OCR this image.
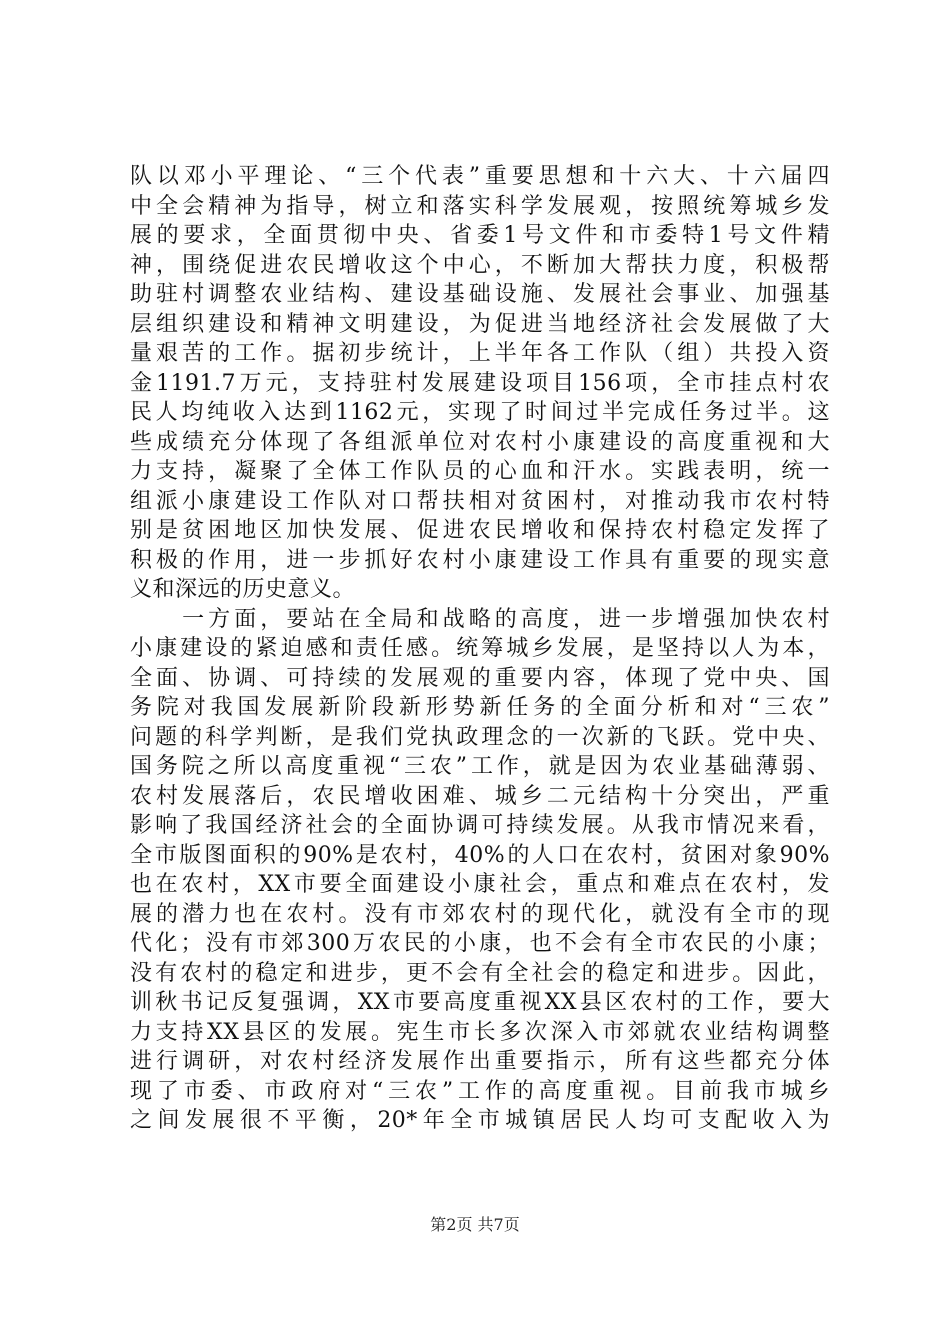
队以邓小平理论、“三个代表”重要思想和十六大、十六届四
中全会精神为指导，树立和落实科学发展观，按照统筹城乡发
展的要求，全面贯彻中央、省委1号文件和市委特1号文件精
神，围绕促进农民增收这个中心，不断加大帮扶力度，积极帮
助驻村调整农业结构、建设基础设施、发展社会事业、加强基
层组织建设和精神文明建设，为促进当地经济社会发展做了大
量艰苦的工作。据初步统计，上半年各工作队（组）共投入资
金1191.7万元，支持驻村发展建设项目156项，全市挂点村农
民人均纯收入达到1162元，实现了时间过半完成任务过半。这
些成绩充分体现了各组派单位对农村小康建设的高度重视和大
力支持，凝聚了全体工作队员的心血和汗水。实践表明，统一
组派小康建设工作队对口帮扶相对贫困村，对推动我市农村特
别是贫困地区加快发展、促进农民增收和保持农村稳定发挥了
积极的作用，进一步抓好农村小康建设工作具有重要的现实意
义和深远的历史意义。
　　一方面，要站在全局和战略的高度，进一步增强加快农村
小康建设的紧迫感和责任感。统筹城乡发展，是坚持以人为本，
全面、协调、可持续的发展观的重要内容，体现了党中央、国
务院对我国发展新阶段新形势新任务的全面分析和对“三农”
问题的科学判断，是我们党执政理念的一次新的飞跃。党中央、
国务院之所以高度重视“三农”工作，就是因为农业基础薄弱、
农村发展落后，农民增收困难、城乡二元结构十分突出，严重
影响了我国经济社会的全面协调可持续发展。从我市情况来看，
全市版图面积的90%是农村，40%的人口在农村，贫困对象90%
也在农村，XX市要全面建设小康社会，重点和难点在农村，发
展的潜力也在农村。没有市郊农村的现代化，就没有全市的现
代化；没有市郊300万农民的小康，也不会有全市农民的小康；
没有农村的稳定和进步，更不会有全社会的稳定和进步。因此，
训秋书记反复强调，XX市要高度重视XX县区农村的工作，要大
力支持XX县区的发展。宪生市长多次深入市郊就农业结构调整
进行调研，对农村经济发展作出重要指示，所有这些都充分体
现了市委、市政府对“三农”工作的高度重视。目前我市城乡
之间发展很不平衡，20*年全市城镇居民人均可支配收入为
第2页 共7页
